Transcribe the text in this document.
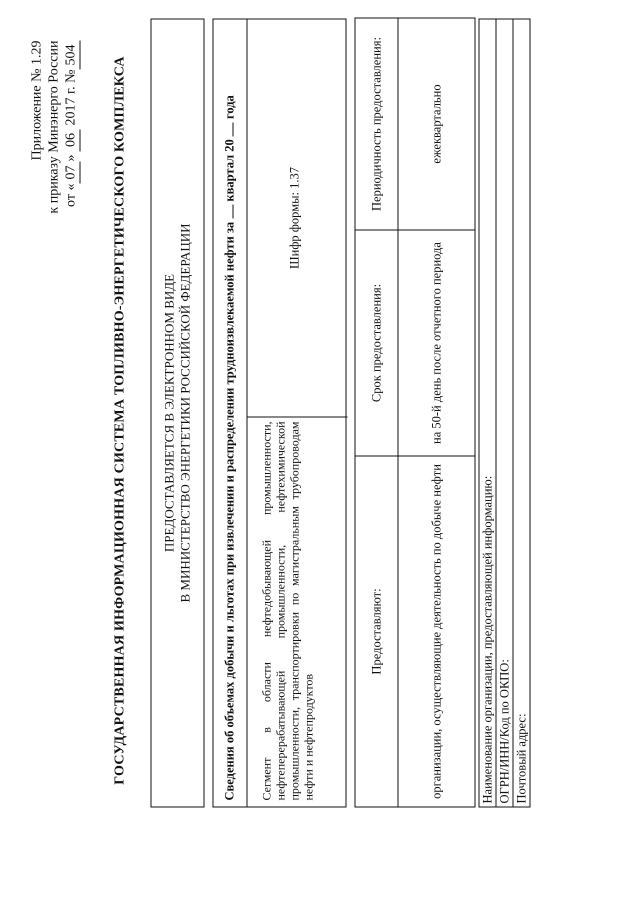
Приложение № 1.29 к приказу Минэнерго России от «07» 06 2017 г. №504
ГОСУДАРСТВЕННАЯ ИНФОРМАЦИОННАЯ СИСТЕМА ТОПЛИВНО-ЭНЕРГЕТИЧЕСКОГО КОМПЛЕКСА	ПРЕДОСТАВЛЯЕТСЯ В ЭЛЕКТРОННОМ ВИДЕ В МИНИСТЕРСТВО ЭНЕРГЕТИКИ РОССИЙСКОЙ ФЕДЕРАЦИИ	Сведения об объемах добычи и льготах при извлечении и распределении трудноизвлекаемой нефти за  квартал 20  года
Сегмент в области нефтедобывающей промышленности, нефтеперерабатывающей промышленности, нефтехимической промышленности, транспортировки по магистральным трубопроводам нефти и нефтепродуктов
Шифр формы: 1.37
Предоставляют:	Срок предоставления:	Периодичность предоставления:
организации, осуществляющие деятельность по добыче нефти	на 50-й день после отчетного периода	ежеквартально
Наименование организации, предоставляющей информацию:
ОГРН/ИНН/Код по ОКПО:
Почтовый адрес:
